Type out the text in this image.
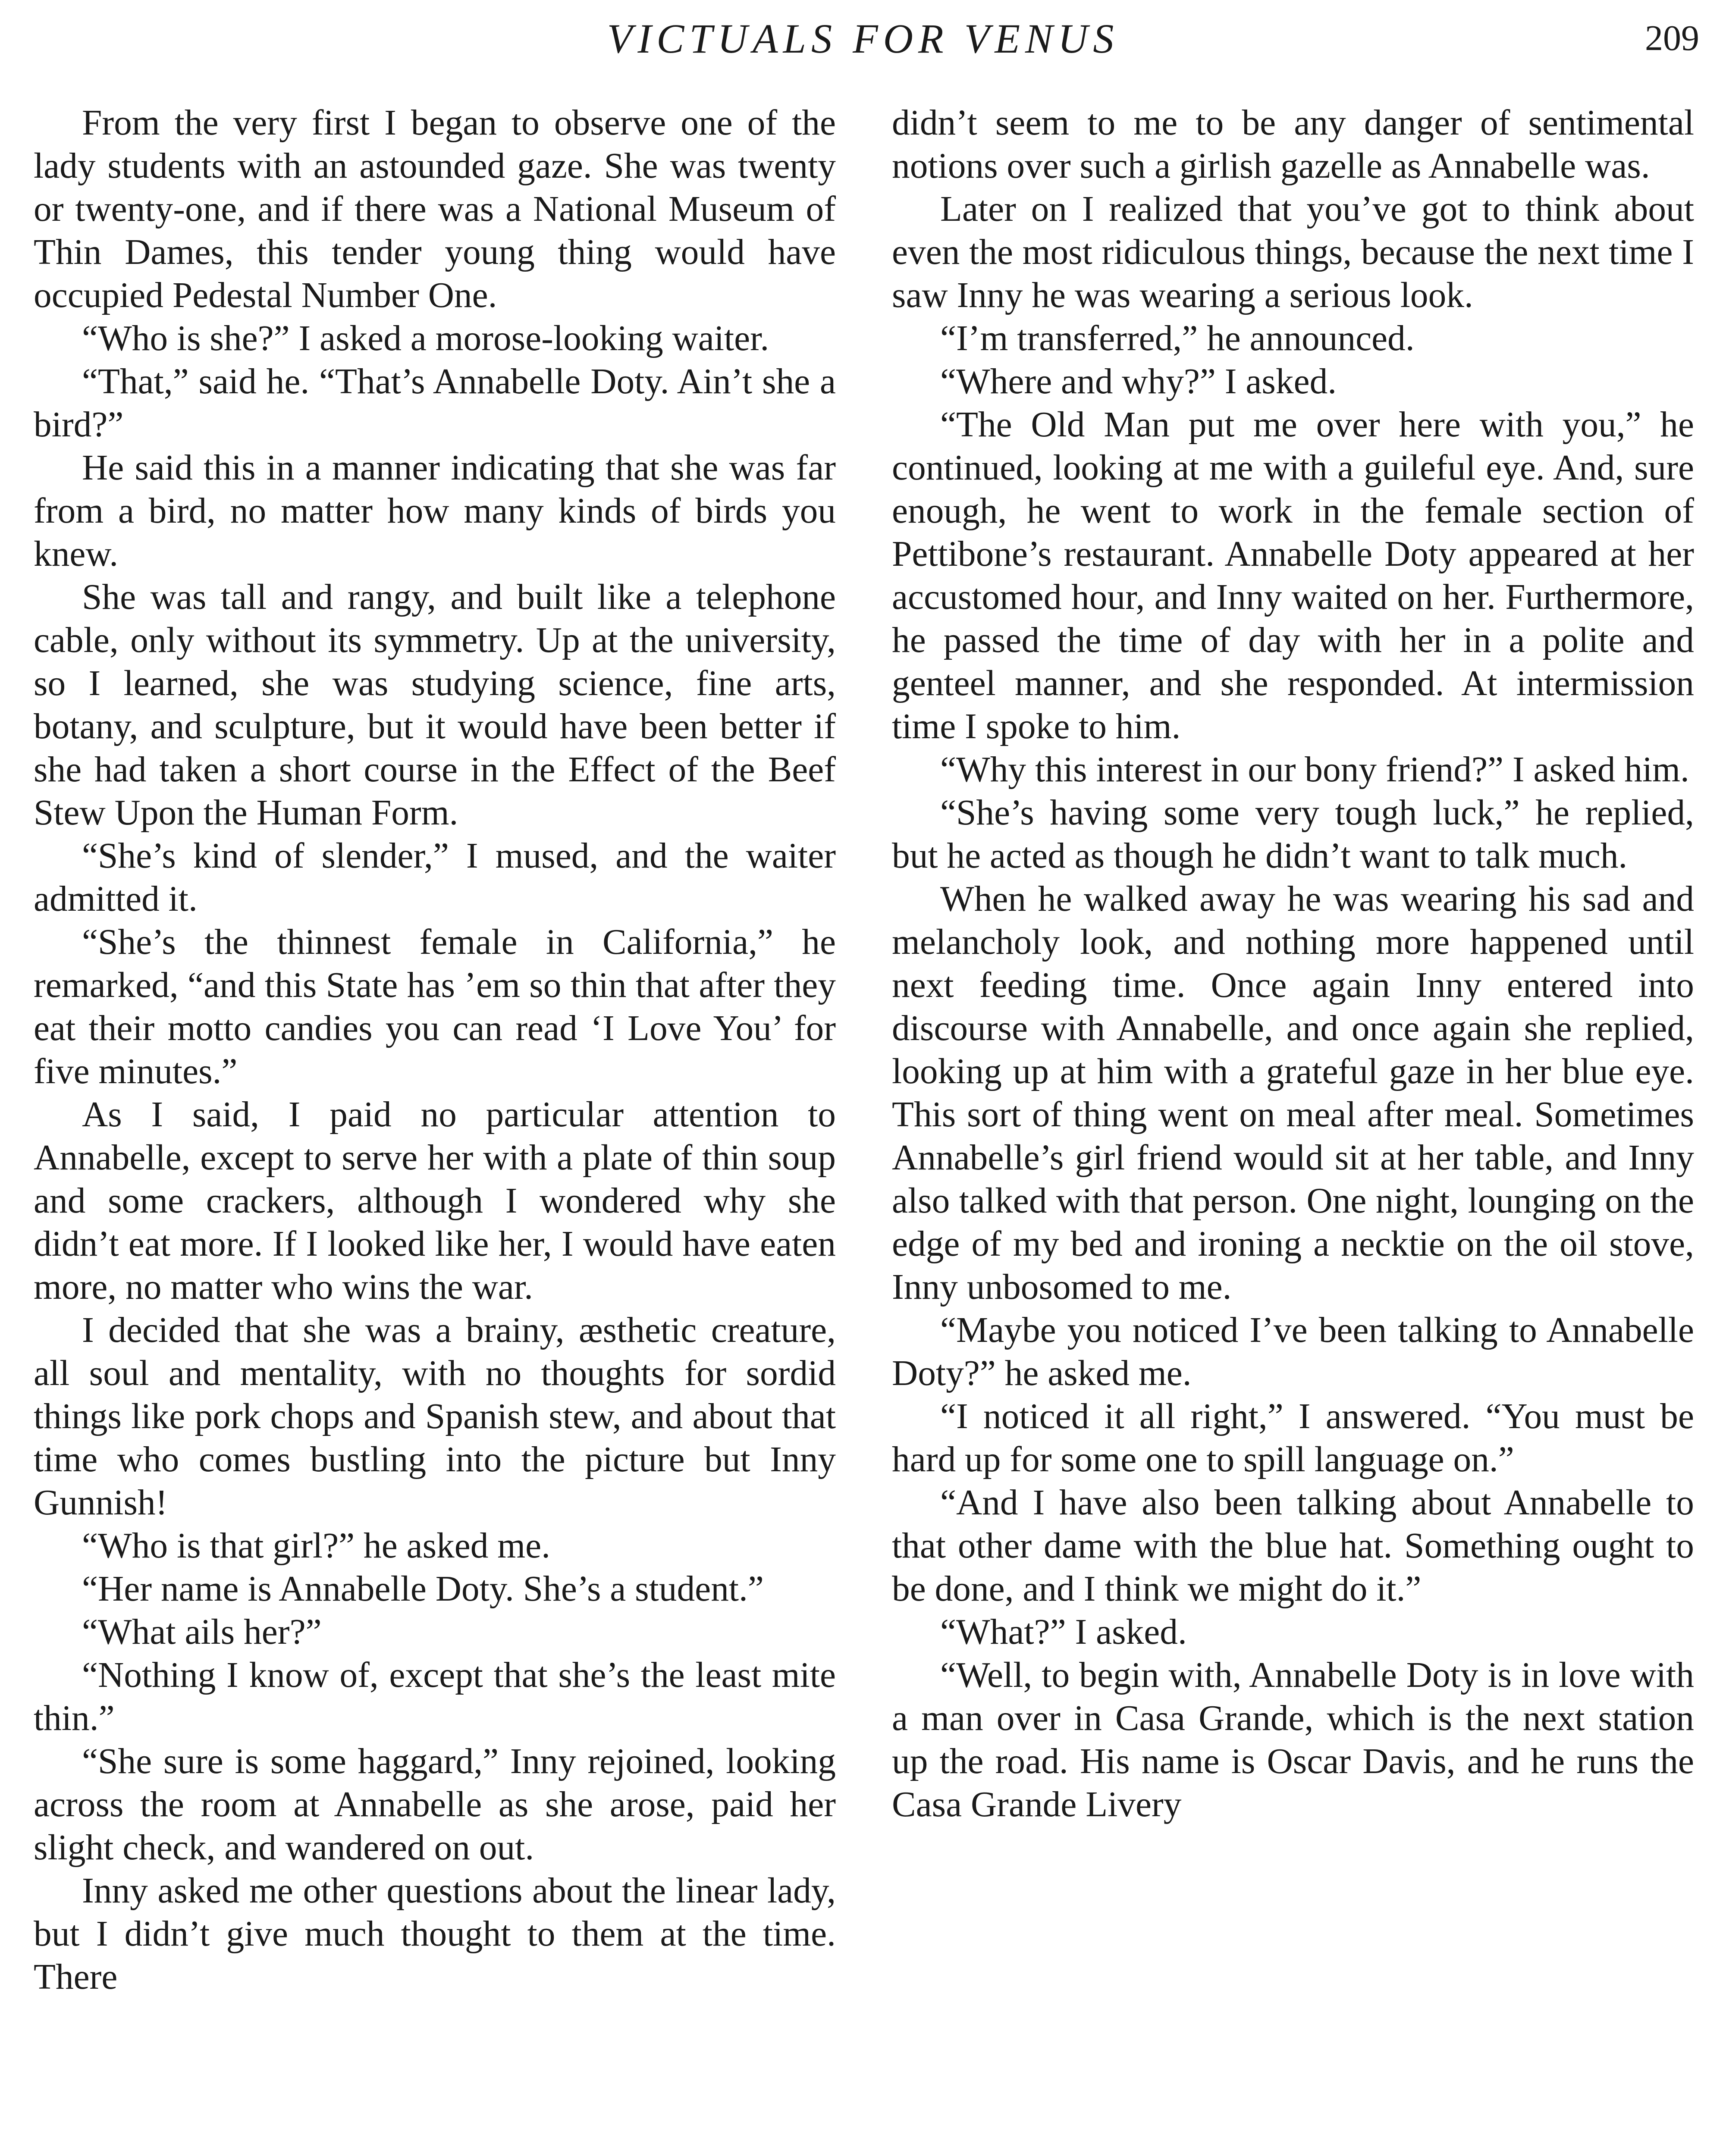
VICTUALS FOR VENUS	209

From the very first I began to observe one of the lady students with an astounded gaze. She was twenty or twenty-one, and if there was a National Museum of Thin Dames, this tender young thing would have occupied Pedestal Number One.

“Who is she?” I asked a morose-looking waiter.

“That,” said he. “That’s Annabelle Doty. Ain’t she a bird?”

He said this in a manner indicating that she was far from a bird, no matter how many kinds of birds you knew.

She was tall and rangy, and built like a telephone cable, only without its symmetry. Up at the university, so I learned, she was studying science, fine arts, botany, and sculpture, but it would have been better if she had taken a short course in the Effect of the Beef Stew Upon the Human Form.

“She’s kind of slender,” I mused, and the waiter admitted it.

“She’s the thinnest female in California,” he remarked, “and this State has ’em so thin that after they eat their motto candies you can read ‘I Love You’ for five minutes.”

As I said, I paid no particular attention to Annabelle, except to serve her with a plate of thin soup and some crackers, although I wondered why she didn’t eat more. If I looked like her, I would have eaten more, no matter who wins the war.

I decided that she was a brainy, æsthetic creature, all soul and mentality, with no thoughts for sordid things like pork chops and Spanish stew, and about that time who comes bustling into the picture but Inny Gunnish!

“Who is that girl?” he asked me.

“Her name is Annabelle Doty. She’s a student.”

“What ails her?”

“Nothing I know of, except that she’s the least mite thin.”

“She sure is some haggard,” Inny rejoined, looking across the room at Annabelle as she arose, paid her slight check, and wandered on out.

Inny asked me other questions about the linear lady, but I didn’t give much thought to them at the time. There

didn’t seem to me to be any danger of sentimental notions over such a girlish gazelle as Annabelle was.

Later on I realized that you’ve got to think about even the most ridiculous things, because the next time I saw Inny he was wearing a serious look.

“I’m transferred,” he announced.

“Where and why?” I asked.

“The Old Man put me over here with you,” he continued, looking at me with a guileful eye. And, sure enough, he went to work in the female section of Pettibone’s restaurant. Annabelle Doty appeared at her accustomed hour, and Inny waited on her. Furthermore, he passed the time of day with her in a polite and genteel manner, and she responded. At intermission time I spoke to him.

“Why this interest in our bony friend?” I asked him.

“She’s having some very tough luck,” he replied, but he acted as though he didn’t want to talk much.

When he walked away he was wearing his sad and melancholy look, and nothing more happened until next feeding time. Once again Inny entered into discourse with Annabelle, and once again she replied, looking up at him with a grateful gaze in her blue eye. This sort of thing went on meal after meal. Sometimes Annabelle’s girl friend would sit at her table, and Inny also talked with that person. One night, lounging on the edge of my bed and ironing a necktie on the oil stove, Inny unbosomed to me.

“Maybe you noticed I’ve been talking to Annabelle Doty?” he asked me.

“I noticed it all right,” I answered. “You must be hard up for some one to spill language on.”

“And I have also been talking about Annabelle to that other dame with the blue hat. Something ought to be done, and I think we might do it.”

“What?” I asked.

“Well, to begin with, Annabelle Doty is in love with a man over in Casa Grande, which is the next station up the road. His name is Oscar Davis, and he runs the Casa Grande Livery
